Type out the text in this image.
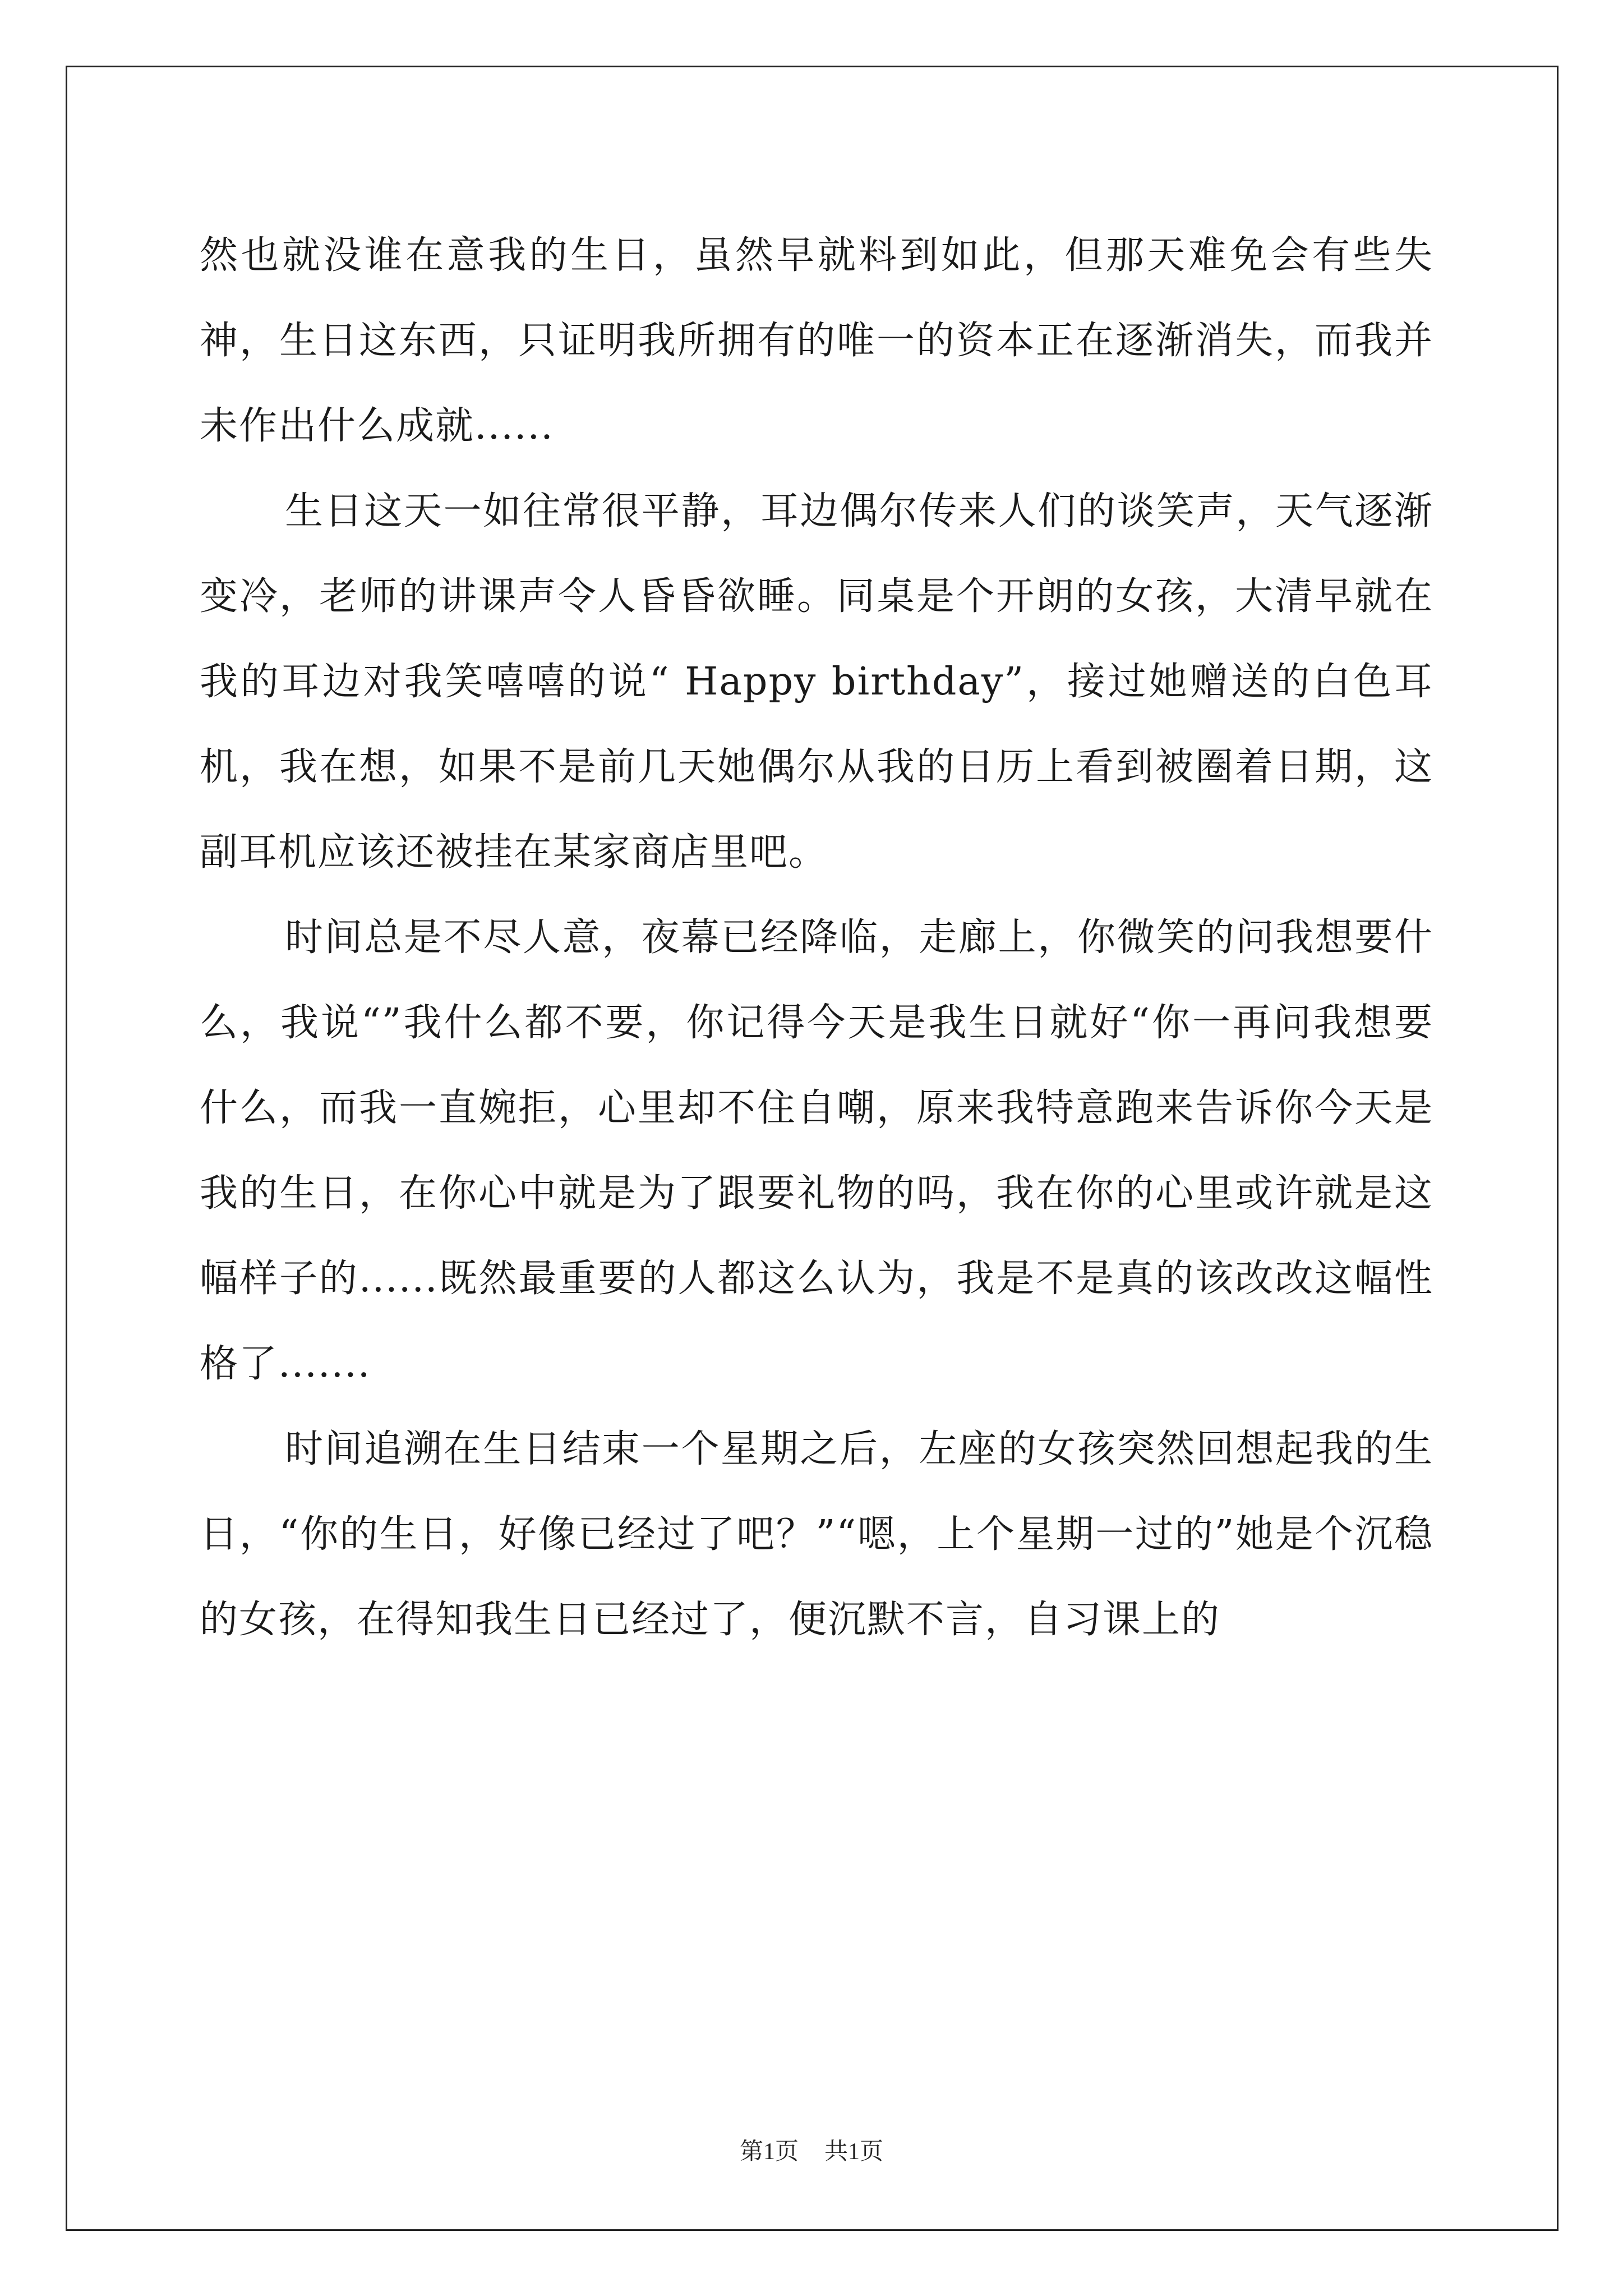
然也就没谁在意我的生日，虽然早就料到如此，但那天难免会有些失神，生日这东西，只证明我所拥有的唯一的资本正在逐渐消失，而我并未作出什么成就......

生日这天一如往常很平静，耳边偶尔传来人们的谈笑声，天气逐渐变冷，老师的讲课声令人昏昏欲睡。同桌是个开朗的女孩，大清早就在我的耳边对我笑嘻嘻的说“ Happy birthday”，接过她赠送的白色耳机，我在想，如果不是前几天她偶尔从我的日历上看到被圈着日期，这副耳机应该还被挂在某家商店里吧。

时间总是不尽人意，夜幕已经降临，走廊上，你微笑的问我想要什么，我说“”我什么都不要，你记得今天是我生日就好“你一再问我想要什么，而我一直婉拒，心里却不住自嘲，原来我特意跑来告诉你今天是我的生日，在你心中就是为了跟要礼物的吗，我在你的心里或许就是这幅样子的......既然最重要的人都这么认为，我是不是真的该改改这幅性格了.......

时间追溯在生日结束一个星期之后，左座的女孩突然回想起我的生日，“你的生日，好像已经过了吧？”“嗯，上个星期一过的”她是个沉稳的女孩，在得知我生日已经过了，便沉默不言，自习课上的

第1页 共1页
